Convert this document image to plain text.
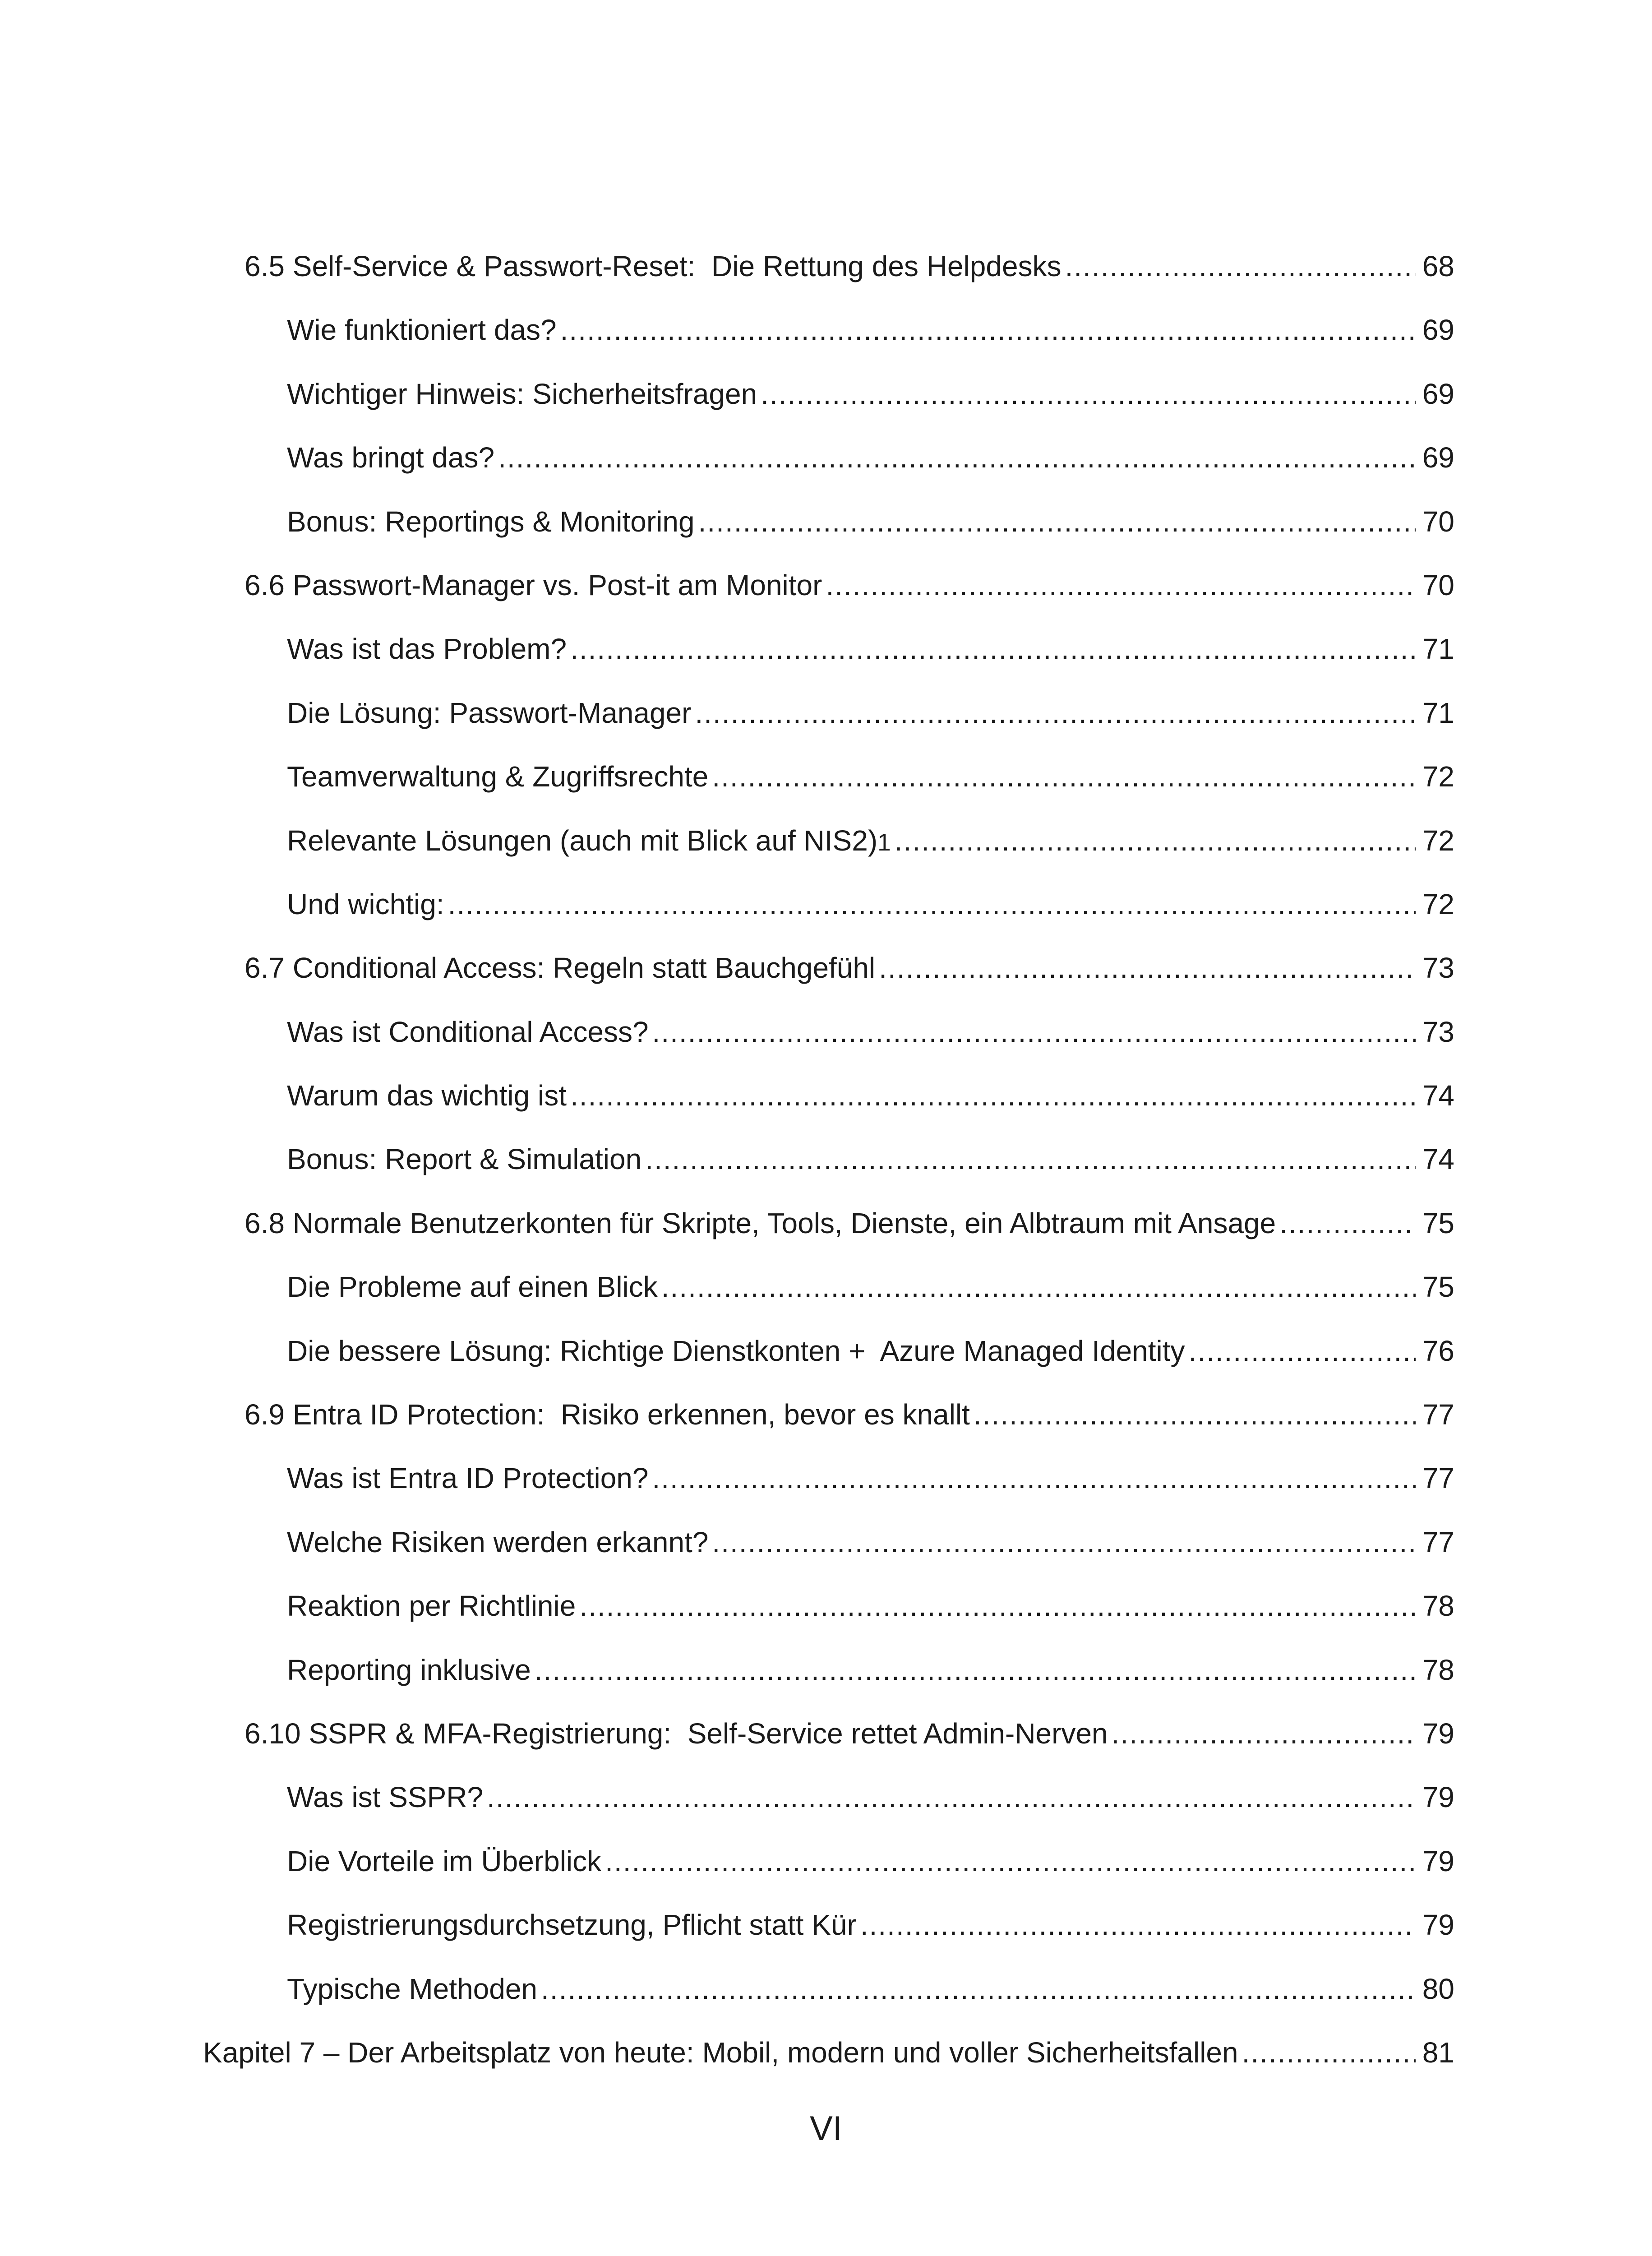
6.5 Self-Service & Passwort-Reset:  Die Rettung des Helpdesks .....	68
Wie funktioniert das? .....	69
Wichtiger Hinweis: Sicherheitsfragen .....	69
Was bringt das? .....	69
Bonus: Reportings & Monitoring .....	70
6.6 Passwort-Manager vs. Post-it am Monitor .....	70
Was ist das Problem? .....	71
Die Lösung: Passwort-Manager .....	71
Teamverwaltung & Zugriffsrechte .....	72
Relevante Lösungen (auch mit Blick auf NIS2) 1 .....	72
Und wichtig: .....	72
6.7 Conditional Access: Regeln statt Bauchgefühl .....	73
Was ist Conditional Access? .....	73
Warum das wichtig ist .....	74
Bonus: Report & Simulation .....	74
6.8 Normale Benutzerkonten für Skripte, Tools, Dienste, ein Albtraum mit Ansage .....	75
Die Probleme auf einen Blick .....	75
Die bessere Lösung: Richtige Dienstkonten +  Azure Managed Identity .....	76
6.9 Entra ID Protection:  Risiko erkennen, bevor es knallt .....	77
Was ist Entra ID Protection? .....	77
Welche Risiken werden erkannt? .....	77
Reaktion per Richtlinie .....	78
Reporting inklusive .....	78
6.10 SSPR & MFA-Registrierung:  Self-Service rettet Admin-Nerven .....	79
Was ist SSPR? .....	79
Die Vorteile im Überblick .....	79
Registrierungsdurchsetzung, Pflicht statt Kür .....	79
Typische Methoden .....	80
Kapitel 7 – Der Arbeitsplatz von heute: Mobil, modern und voller Sicherheitsfallen .....	81
VI
